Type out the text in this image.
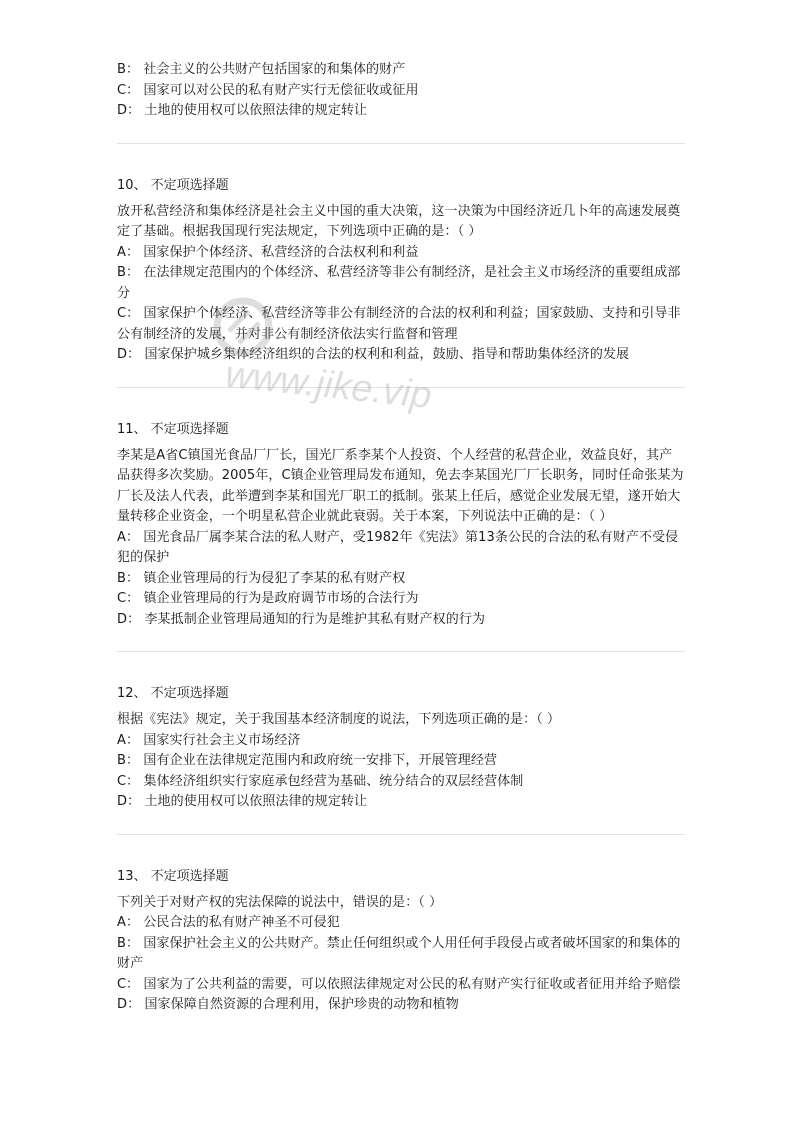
B： 社会主义的公共财产包括国家的和集体的财产
C： 国家可以对公民的私有财产实行无偿征收或征用
D： 土地的使用权可以依照法律的规定转让
10、 不定项选择题
放开私营经济和集体经济是社会主义中国的重大决策，这一决策为中国经济近几卜年的高速发展奠定了基础。根据我国现行宪法规定，下列选项中正确的是：（ ）
A： 国家保护个体经济、私营经济的合法权利和利益
B： 在法律规定范围内的个体经济、私营经济等非公有制经济，是社会主义市场经济的重要组成部分
C： 国家保护个体经济、私营经济等非公有制经济的合法的权利和利益；国家鼓励、支持和引导非公有制经济的发展，并对非公有制经济依法实行监督和管理
D： 国家保护城乡集体经济组织的合法的权利和利益，鼓励、指导和帮助集体经济的发展
11、 不定项选择题
李某是A省C镇国光食品厂厂长，国光厂系李某个人投资、个人经营的私营企业，效益良好，其产品获得多次奖励。2005年，C镇企业管理局发布通知，免去李某国光厂厂长职务，同时任命张某为厂长及法人代表，此举遭到李某和国光厂职工的抵制。张某上任后，感觉企业发展无望，遂开始大量转移企业资金，一个明星私营企业就此衰弱。关于本案，下列说法中正确的是：（ ）
A： 国光食品厂属李某合法的私人财产，受1982年《宪法》第13条公民的合法的私有财产不受侵犯的保护
B： 镇企业管理局的行为侵犯了李某的私有财产权
C： 镇企业管理局的行为是政府调节市场的合法行为
D： 李某抵制企业管理局通知的行为是维护其私有财产权的行为
12、 不定项选择题
根据《宪法》规定，关于我国基本经济制度的说法，下列选项正确的是：（ ）
A： 国家实行社会主义市场经济
B： 国有企业在法律规定范围内和政府统一安排下，开展管理经营
C： 集体经济组织实行家庭承包经营为基础、统分结合的双层经营体制
D： 土地的使用权可以依照法律的规定转让
13、 不定项选择题
下列关于对财产权的宪法保障的说法中，错误的是：（ ）
A： 公民合法的私有财产神圣不可侵犯
B： 国家保护社会主义的公共财产。禁止任何组织或个人用任何手段侵占或者破坏国家的和集体的财产
C： 国家为了公共利益的需要，可以依照法律规定对公民的私有财产实行征收或者征用并给予赔偿
D： 国家保障自然资源的合理利用，保护珍贵的动物和植物
www.jike.vip
